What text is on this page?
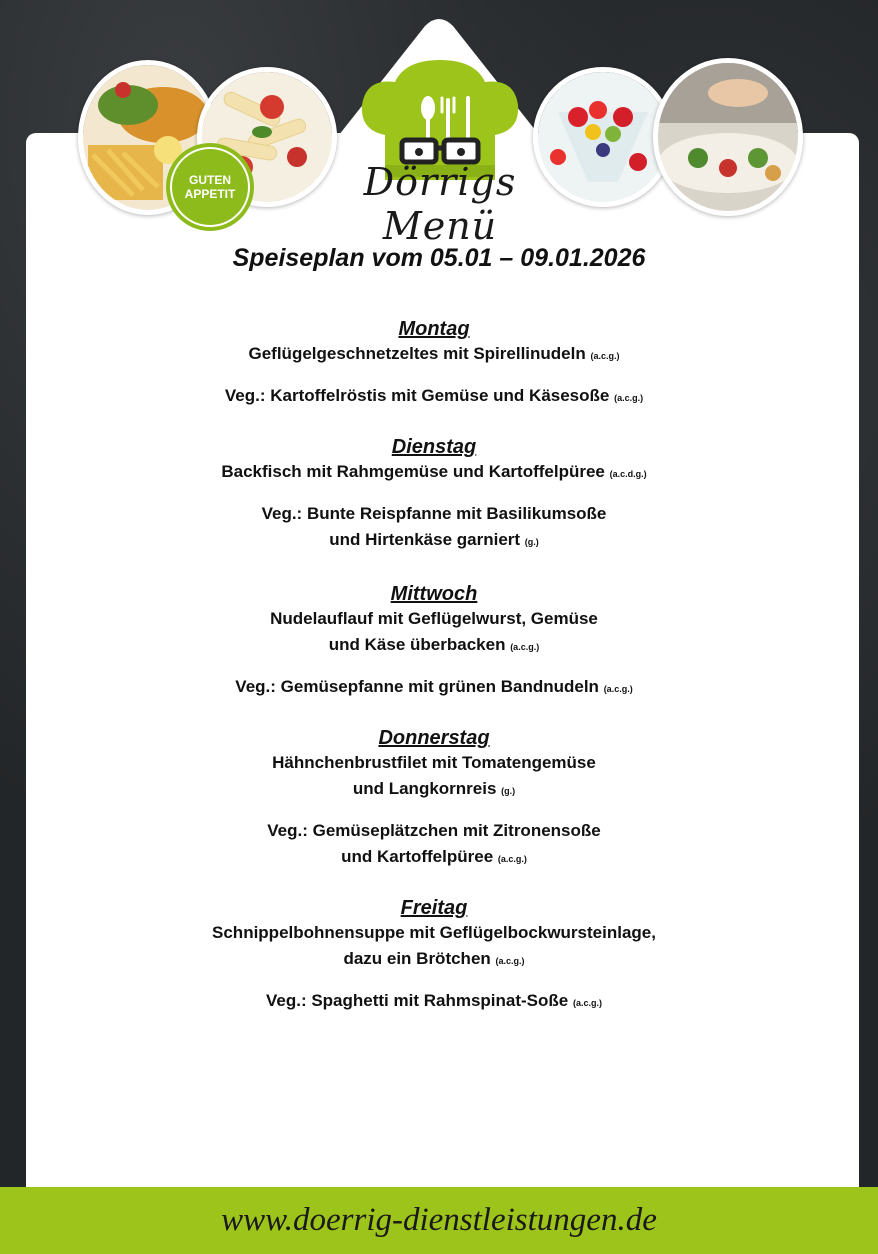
GUTEN
APPETIT	Dörrigs Menü
Speiseplan vom 05.01 – 09.01.2026
Montag
Geflügelgeschnetzeltes mit Spirellinudeln (a.c.g.)
Veg.: Kartoffelröstis mit Gemüse und Käsesoße (a.c.g.)
Dienstag
Backfisch mit Rahmgemüse und Kartoffelpüree (a.c.d.g.)
Veg.: Bunte Reispfanne mit Basilikumsoße
und Hirtenkäse garniert (g.)
Mittwoch
Nudelauflauf mit Geflügelwurst, Gemüse
und Käse überbacken (a.c.g.)
Veg.: Gemüsepfanne mit grünen Bandnudeln (a.c.g.)
Donnerstag
Hähnchenbrustfilet mit Tomatengemüse
und Langkornreis (g.)
Veg.: Gemüseplätzchen mit Zitronensoße
und Kartoffelpüree (a.c.g.)
Freitag
Schnippelbohnensuppe mit Geflügelbockwursteinlage,
dazu ein Brötchen (a.c.g.)
Veg.: Spaghetti mit Rahmspinat-Soße (a.c.g.)
www.doerrig-dienstleistungen.de
